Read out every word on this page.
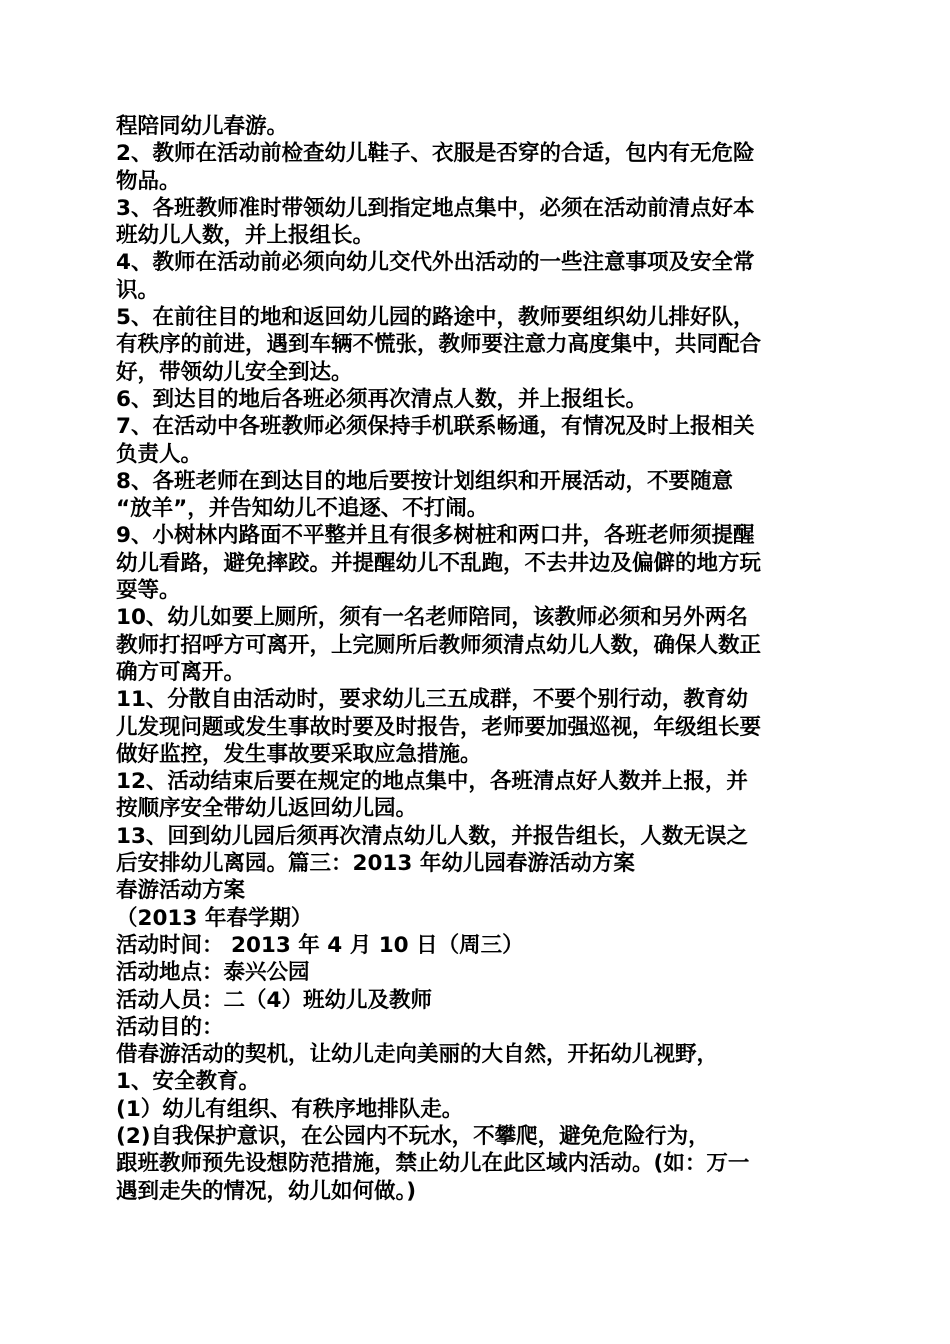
程陪同幼儿春游。
2、教师在活动前检查幼儿鞋子、衣服是否穿的合适，包内有无危险
物品。
3、各班教师准时带领幼儿到指定地点集中，必须在活动前清点好本
班幼儿人数，并上报组长。
4、教师在活动前必须向幼儿交代外出活动的一些注意事项及安全常
识。
5、在前往目的地和返回幼儿园的路途中，教师要组织幼儿排好队，
有秩序的前进，遇到车辆不慌张，教师要注意力高度集中，共同配合
好，带领幼儿安全到达。
6、到达目的地后各班必须再次清点人数，并上报组长。
7、在活动中各班教师必须保持手机联系畅通，有情况及时上报相关
负责人。
8、各班老师在到达目的地后要按计划组织和开展活动，不要随意
“放羊”，并告知幼儿不追逐、不打闹。
9、小树林内路面不平整并且有很多树桩和两口井，各班老师须提醒
幼儿看路，避免摔跤。并提醒幼儿不乱跑，不去井边及偏僻的地方玩
耍等。
10、幼儿如要上厕所，须有一名老师陪同，该教师必须和另外两名
教师打招呼方可离开，上完厕所后教师须清点幼儿人数，确保人数正
确方可离开。
11、分散自由活动时，要求幼儿三五成群，不要个别行动，教育幼
儿发现问题或发生事故时要及时报告，老师要加强巡视，年级组长要
做好监控，发生事故要采取应急措施。
12、活动结束后要在规定的地点集中，各班清点好人数并上报，并
按顺序安全带幼儿返回幼儿园。
13、回到幼儿园后须再次清点幼儿人数，并报告组长，人数无误之
后安排幼儿离园。篇三：2013 年幼儿园春游活动方案
春游活动方案
（2013 年春学期）
活动时间： 2013 年 4 月 10 日（周三）
活动地点：泰兴公园
活动人员：二（4）班幼儿及教师
活动目的：
借春游活动的契机，让幼儿走向美丽的大自然，开拓幼儿视野，
1、安全教育。
(1）幼儿有组织、有秩序地排队走。
(2)自我保护意识，在公园内不玩水，不攀爬，避免危险行为，
跟班教师预先设想防范措施，禁止幼儿在此区域内活动。(如：万一
遇到走失的情况，幼儿如何做。)
